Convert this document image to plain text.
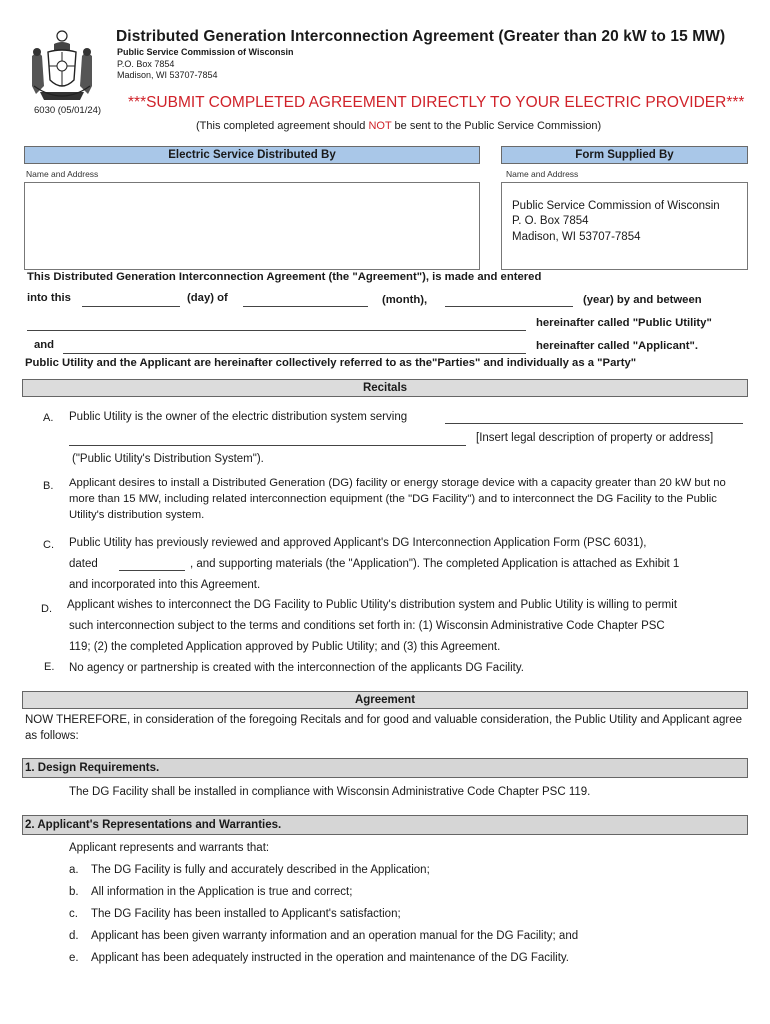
Distributed Generation Interconnection Agreement (Greater than 20 kW to 15 MW)
Public Service Commission of Wisconsin
P.O. Box 7854
Madison, WI 53707-7854
6030 (05/01/24) ***SUBMIT COMPLETED AGREEMENT DIRECTLY TO YOUR ELECTRIC PROVIDER***
(This completed agreement should NOT be sent to the Public Service Commission)
Electric Service Distributed By	Form Supplied By
Name and Address	Name and Address
Public Service Commission of Wisconsin
P. O. Box 7854
Madison, WI 53707-7854
This Distributed Generation Interconnection Agreement (the "Agreement"), is made and entered
into this	(day) of	(month),	(year) by and between
hereinafter called "Public Utility"
and	hereinafter called "Applicant".
Public Utility and the Applicant are hereinafter collectively referred to as the"Parties" and individually as a "Party"
Recitals
A. Public Utility is the owner of the electric distribution system serving
[Insert legal description of property or address]
("Public Utility's Distribution System").
B. Applicant desires to install a Distributed Generation (DG) facility or energy storage device with a capacity greater than 20 kW but no more than 15 MW, including related interconnection equipment (the "DG Facility") and to interconnect the DG Facility to the Public Utility's distribution system.
C. Public Utility has previously reviewed and approved Applicant's DG Interconnection Application Form (PSC 6031),
dated	, and supporting materials (the "Application"). The completed Application is attached as Exhibit 1
and incorporated into this Agreement.
D. Applicant wishes to interconnect the DG Facility to Public Utility's distribution system and Public Utility is willing to permit
such interconnection subject to the terms and conditions set forth in: (1) Wisconsin Administrative Code Chapter PSC
119; (2) the completed Application approved by Public Utility; and (3) this Agreement.
E. No agency or partnership is created with the interconnection of the applicants DG Facility.
Agreement
NOW THEREFORE, in consideration of the foregoing Recitals and for good and valuable consideration, the Public Utility and Applicant agree as follows:
1. Design Requirements.
The DG Facility shall be installed in compliance with Wisconsin Administrative Code Chapter PSC 119.
2. Applicant's Representations and Warranties.
Applicant represents and warrants that:
a. The DG Facility is fully and accurately described in the Application;
b. All information in the Application is true and correct;
c. The DG Facility has been installed to Applicant's satisfaction;
d. Applicant has been given warranty information and an operation manual for the DG Facility; and
e. Applicant has been adequately instructed in the operation and maintenance of the DG Facility.
